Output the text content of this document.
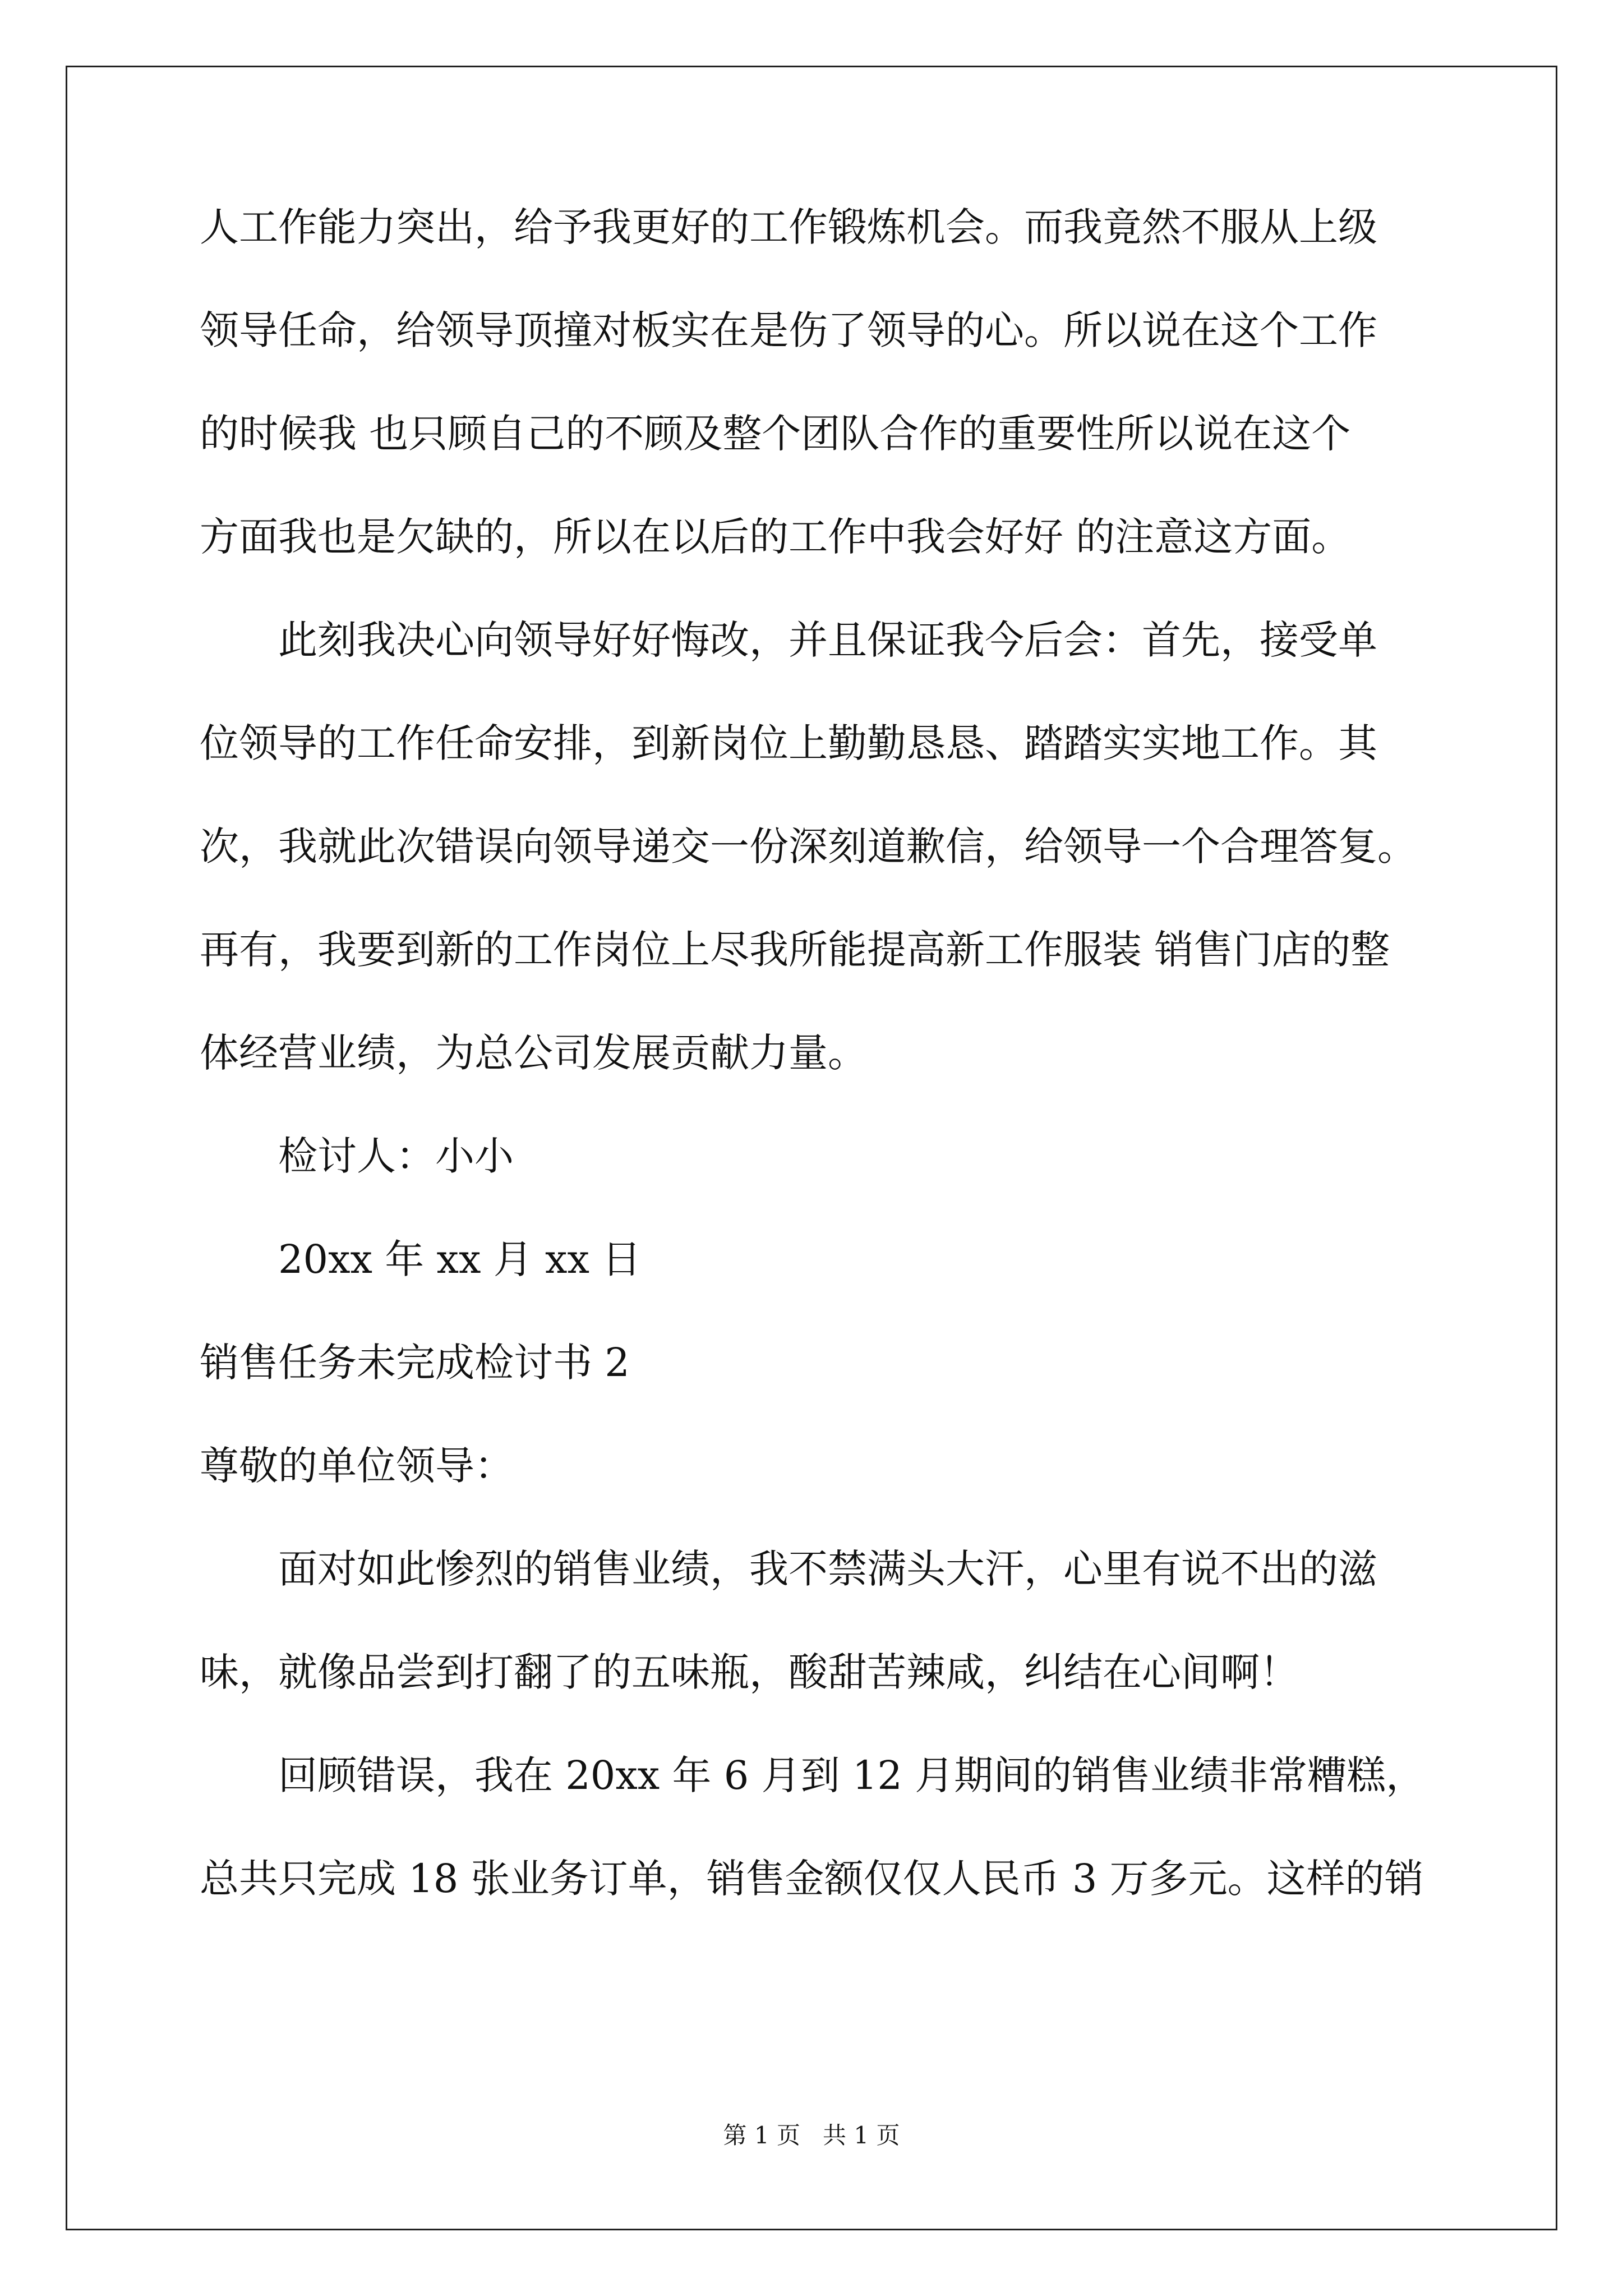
人工作能力突出，给予我更好的工作锻炼机会。而我竟然不服从上级
领导任命，给领导顶撞对板实在是伤了领导的心。所以说在这个工作
的时候我 也只顾自己的不顾及整个团队合作的重要性所以说在这个
方面我也是欠缺的，所以在以后的工作中我会好好 的注意这方面。
此刻我决心向领导好好悔改，并且保证我今后会：首先，接受单
位领导的工作任命安排，到新岗位上勤勤恳恳、踏踏实实地工作。其
次，我就此次错误向领导递交一份深刻道歉信，给领导一个合理答复。
再有，我要到新的工作岗位上尽我所能提高新工作服装 销售门店的整
体经营业绩，为总公司发展贡献力量。
检讨人：小小
20xx 年 xx 月 xx 日
销售任务未完成检讨书 2
尊敬的单位领导：
面对如此惨烈的销售业绩，我不禁满头大汗，心里有说不出的滋
味，就像品尝到打翻了的五味瓶，酸甜苦辣咸，纠结在心间啊！
回顾错误，我在 20xx 年 6 月到 12 月期间的销售业绩非常糟糕，
总共只完成 18 张业务订单，销售金额仅仅人民币 3 万多元。这样的销
第 1 页   共 1 页
